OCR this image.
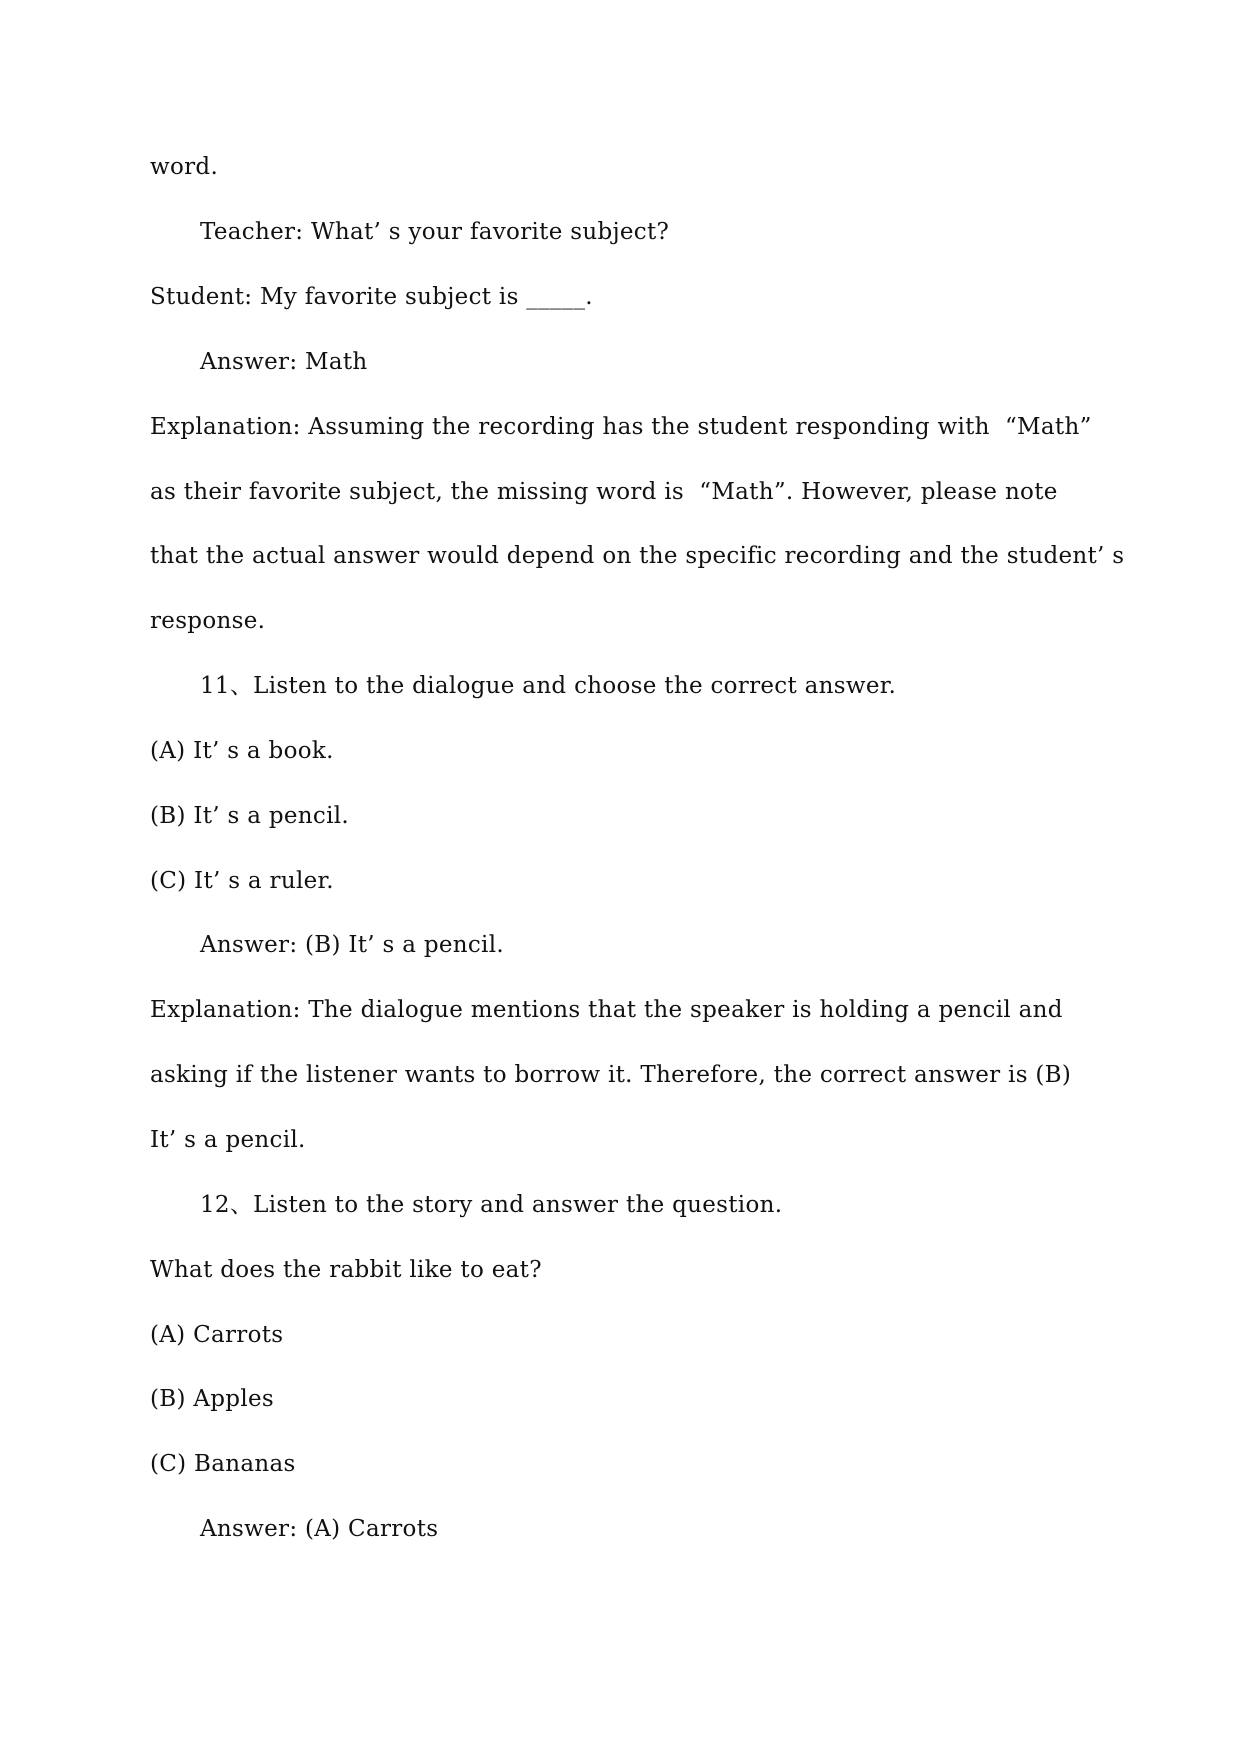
word.
Teacher: What’ s your favorite subject?
Student: My favorite subject is _____.
Answer: Math
Explanation: Assuming the recording has the student responding with  “Math”
as their favorite subject, the missing word is  “Math”. However, please note
that the actual answer would depend on the specific recording and the student’ s
response.
11、Listen to the dialogue and choose the correct answer.
(A) It’ s a book.
(B) It’ s a pencil.
(C) It’ s a ruler.
Answer: (B) It’ s a pencil.
Explanation: The dialogue mentions that the speaker is holding a pencil and
asking if the listener wants to borrow it. Therefore, the correct answer is (B)
It’ s a pencil.
12、Listen to the story and answer the question.
What does the rabbit like to eat?
(A) Carrots
(B) Apples
(C) Bananas
Answer: (A) Carrots
